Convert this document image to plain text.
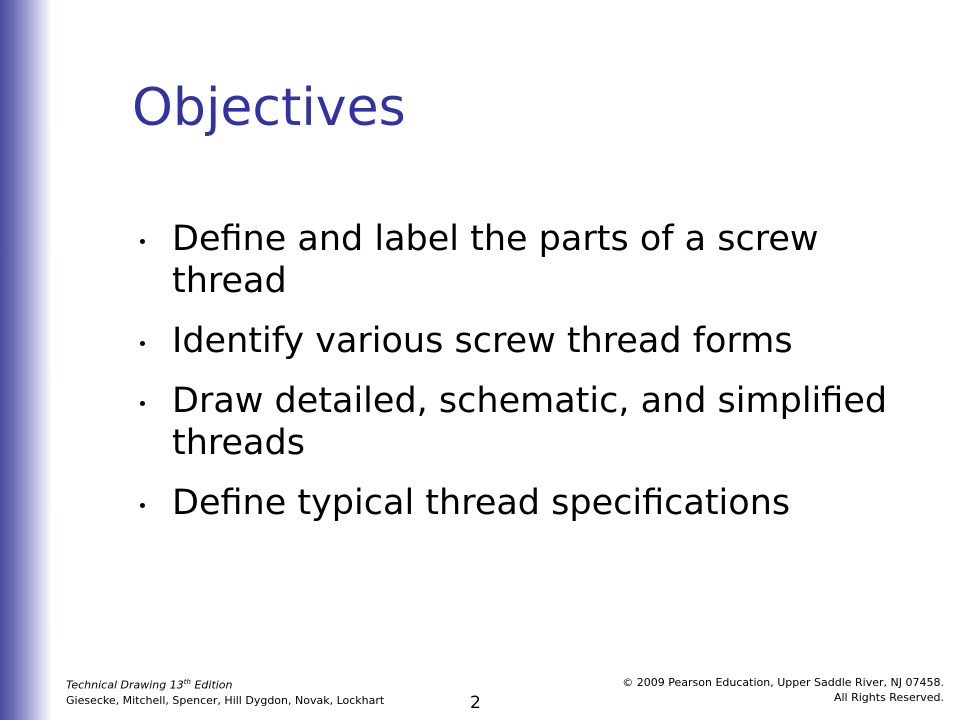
Objectives
Define and label the parts of a screw thread
Identify various screw thread forms
Draw detailed, schematic, and simplified threads
Define typical thread specifications
Technical Drawing 13th Edition
Giesecke, Mitchell, Spencer, Hill Dygdon, Novak, Lockhart	2
© 2009 Pearson Education, Upper Saddle River, NJ 07458.
All Rights Reserved.
